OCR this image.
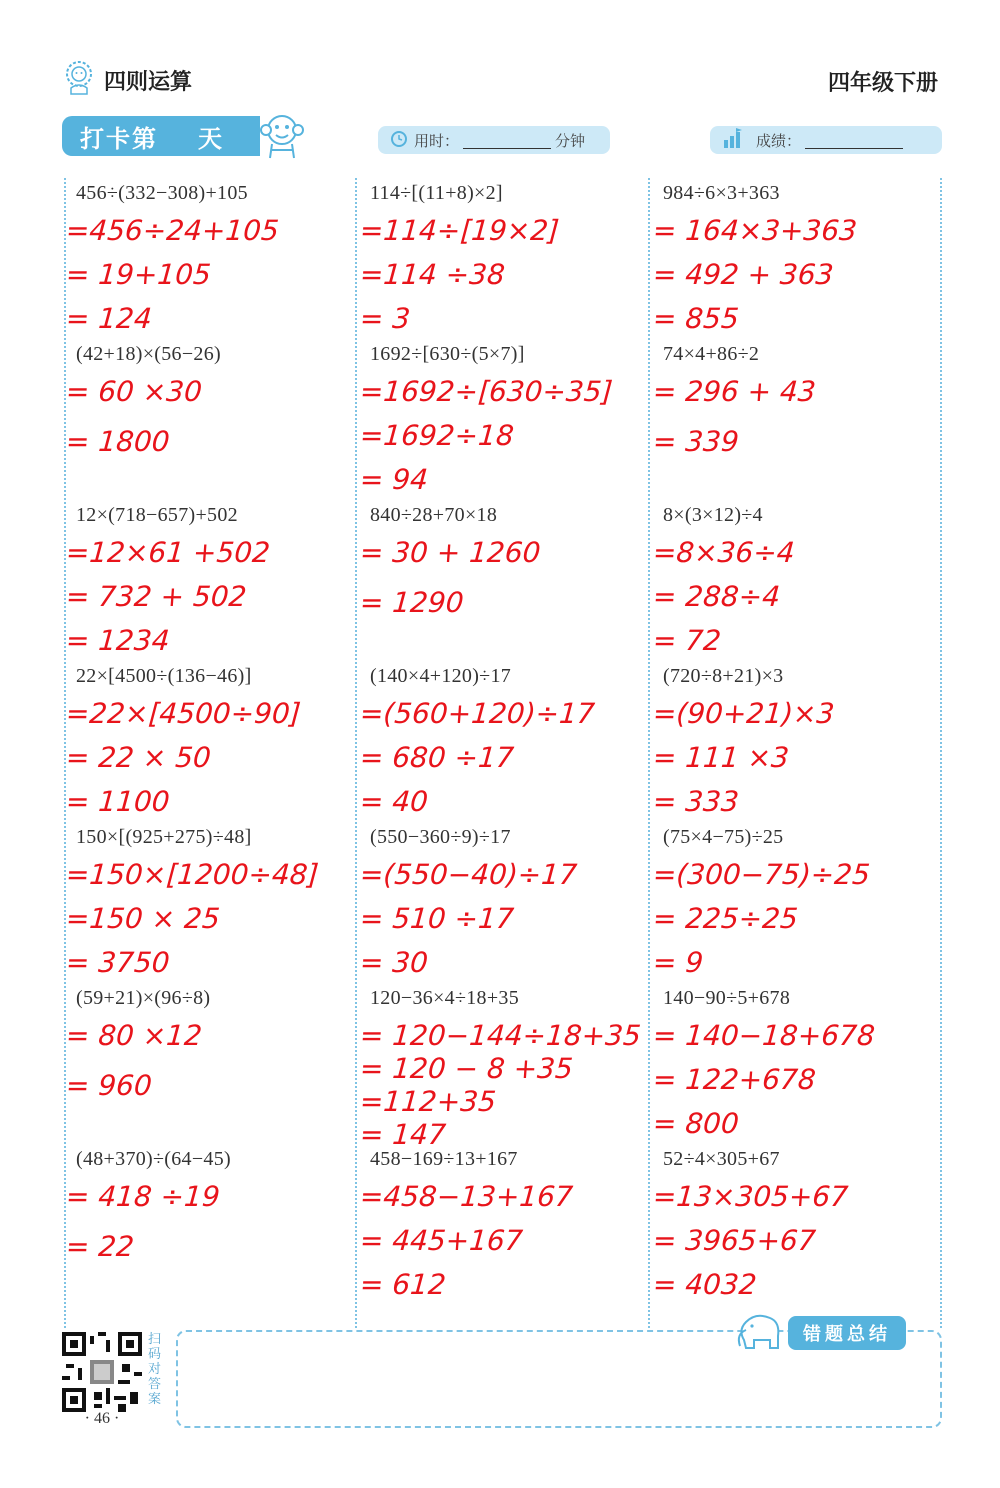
四则运算	四年级下册
打卡第 天	用时：	分钟	成绩：
456÷(332−308)+105
=456÷24+105
= 19+105
= 124
(42+18)×(56−26)
= 60 ×30
= 1800
12×(718−657)+502
=12×61 +502
= 732 + 502
= 1234
22×[4500÷(136−46)]
=22×[4500÷90]
= 22 × 50
= 1100
150×[(925+275)÷48]
=150×[1200÷48]
=150 × 25
= 3750
(59+21)×(96÷8)
= 80 ×12
= 960
(48+370)÷(64−45)
= 418 ÷19
= 22
114÷[(11+8)×2]
=114÷[19×2]
=114 ÷38
= 3
1692÷[630÷(5×7)]
=1692÷[630÷35]
=1692÷18
= 94
840÷28+70×18
= 30 + 1260
= 1290
(140×4+120)÷17
=(560+120)÷17
= 680 ÷17
= 40
(550−360÷9)÷17
=(550−40)÷17
= 510 ÷17
= 30
120−36×4÷18+35
= 120−144÷18+35
= 120 − 8 +35
=112+35
= 147
458−169÷13+167
=458−13+167
= 445+167
= 612
984÷6×3+363
= 164×3+363
= 492 + 363
= 855
74×4+86÷2
= 296 + 43
= 339
8×(3×12)÷4
=8×36÷4
= 288÷4
= 72
(720÷8+21)×3
=(90+21)×3
= 111 ×3
= 333
(75×4−75)÷25
=(300−75)÷25
= 225÷25
= 9
140−90÷5+678
= 140−18+678
= 122+678
= 800
52÷4×305+67
=13×305+67
= 3965+67
= 4032
错题总结
扫码对答案
· 46 ·
